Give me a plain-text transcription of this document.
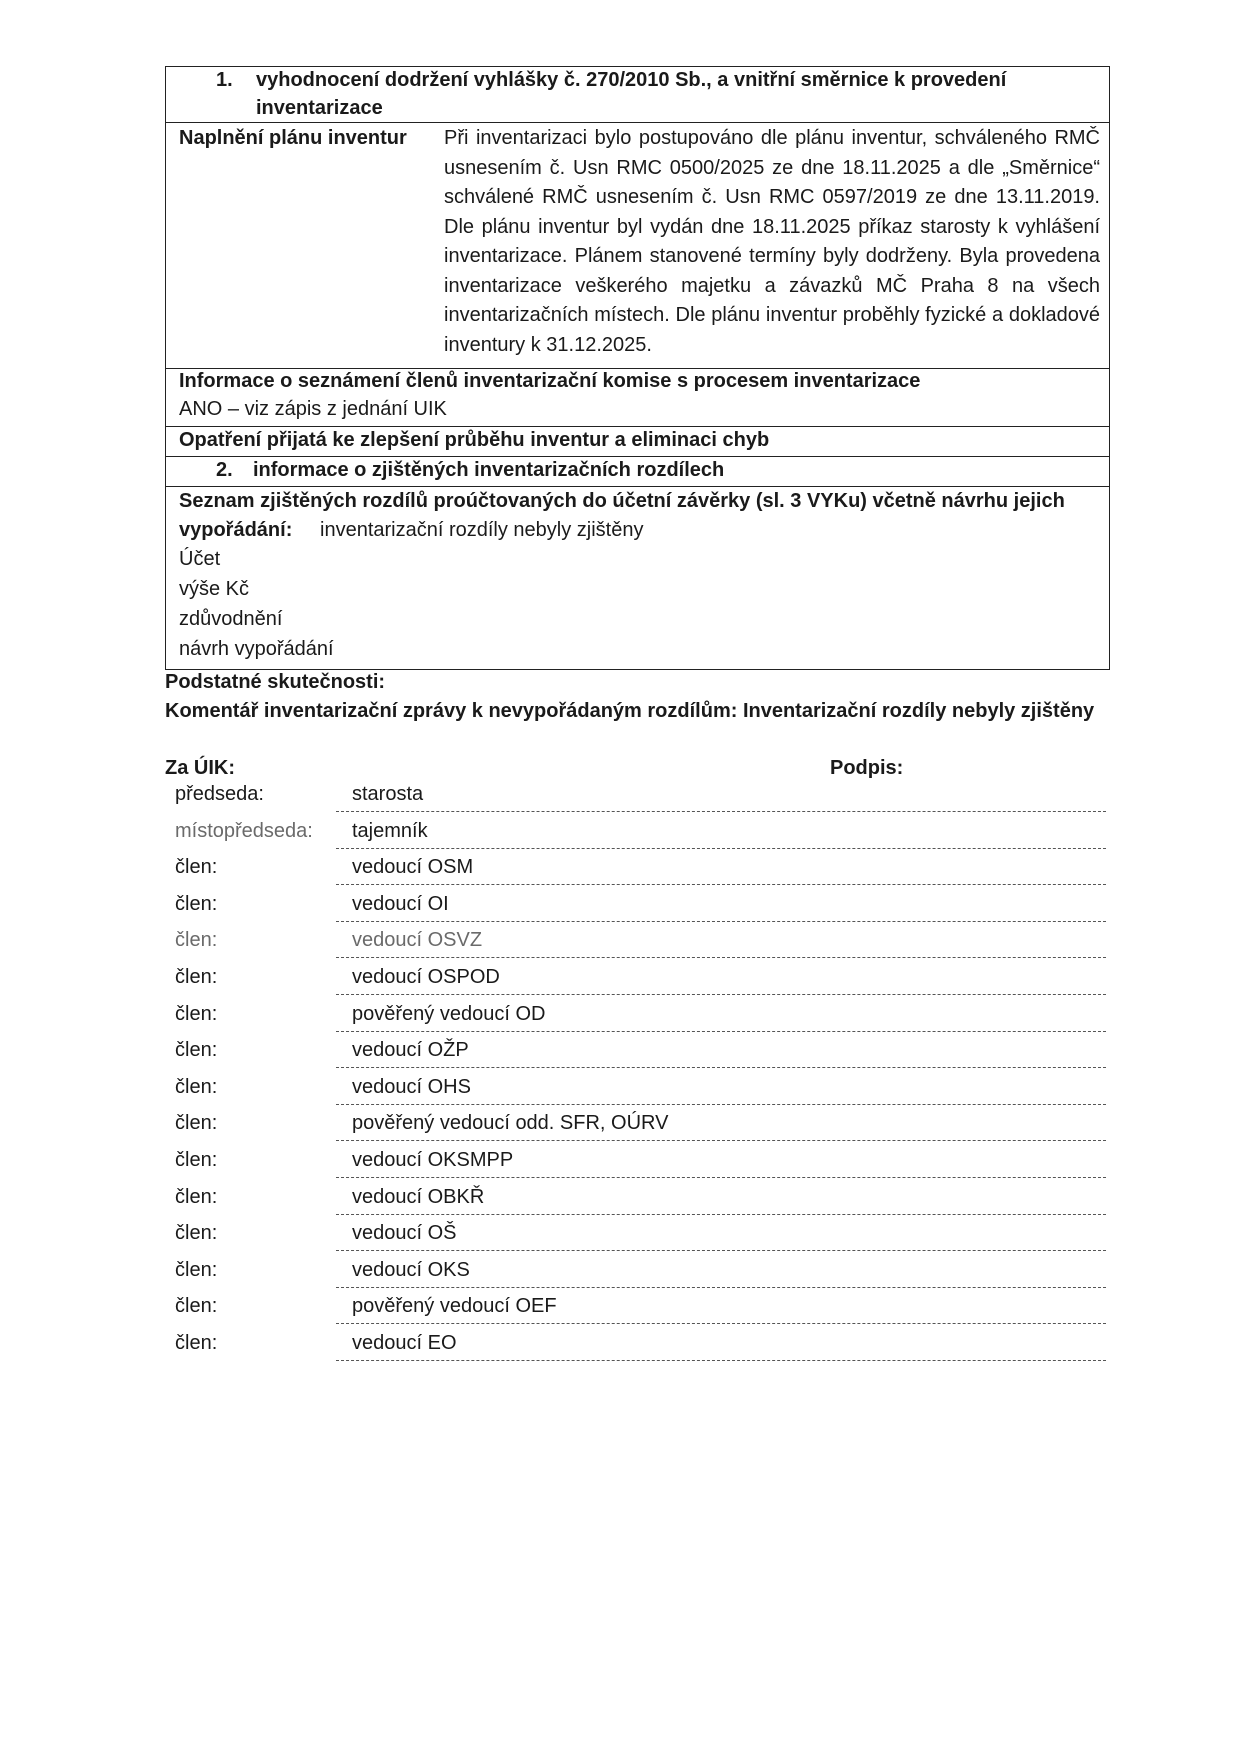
1. vyhodnocení dodržení vyhlášky č. 270/2010 Sb., a vnitřní směrnice k provedení
inventarizace
Naplnění plánu inventur Při inventarizaci bylo postupováno dle plánu inventur, schváleného RMČ usnesením č. Usn RMC 0500/2025 ze dne 18.11.2025 a dle „Směrnice“ schválené RMČ usnesením č. Usn RMC 0597/2019 ze dne 13.11.2019. Dle plánu inventur byl vydán dne 18.11.2025 příkaz starosty k vyhlášení inventarizace. Plánem stanovené termíny byly dodrženy. Byla provedena inventarizace veškerého majetku a závazků MČ Praha 8 na všech inventarizačních místech. Dle plánu inventur proběhly fyzické a dokladové inventury k 31.12.2025.
Informace o seznámení členů inventarizační komise s procesem inventarizace
ANO – viz zápis z jednání UIK
Opatření přijatá ke zlepšení průběhu inventur a eliminaci chyb
2. informace o zjištěných inventarizačních rozdílech
Seznam zjištěných rozdílů proúčtovaných do účetní závěrky (sl. 3 VYKu) včetně návrhu jejich
vypořádání: inventarizační rozdíly nebyly zjištěny
Účet
výše Kč
zdůvodnění
návrh vypořádání
Podstatné skutečnosti:
Komentář inventarizační zprávy k nevypořádaným rozdílům: Inventarizační rozdíly nebyly zjištěny
Za ÚIK:	Podpis:
předseda:	starosta
místopředseda: tajemník
člen:	vedoucí OSM
člen:	vedoucí OI
člen:	vedoucí OSVZ
člen:	vedoucí OSPOD
člen:	pověřený vedoucí OD
člen:	vedoucí OŽP
člen:	vedoucí OHS
člen:	pověřený vedoucí odd. SFR, OÚRV
člen:	vedoucí OKSMPP
člen:	vedoucí OBKŘ
člen:	vedoucí OŠ
člen:	vedoucí OKS
člen:	pověřený vedoucí OEF
člen:	vedoucí EO
